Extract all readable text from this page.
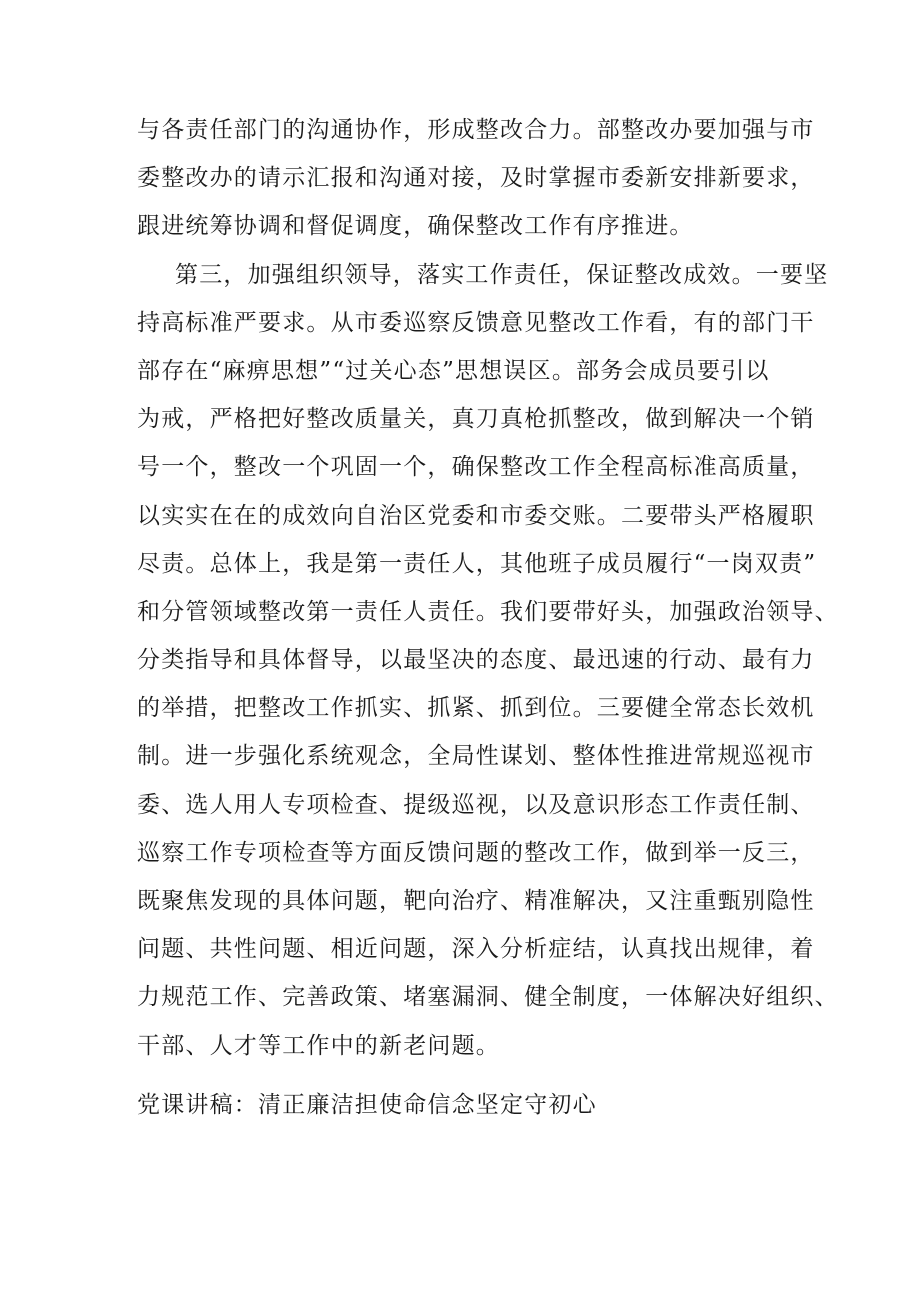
与各责任部门的沟通协作，形成整改合力。部整改办要加强与市
委整改办的请示汇报和沟通对接，及时掌握市委新安排新要求，
跟进统筹协调和督促调度，确保整改工作有序推进。
第三，加强组织领导，落实工作责任，保证整改成效。一要坚
持高标准严要求。从市委巡察反馈意见整改工作看，有的部门干
部存在“麻痹思想”“过关心态”思想误区。部务会成员要引以
为戒，严格把好整改质量关，真刀真枪抓整改，做到解决一个销
号一个，整改一个巩固一个，确保整改工作全程高标准高质量，
以实实在在的成效向自治区党委和市委交账。二要带头严格履职
尽责。总体上，我是第一责任人，其他班子成员履行“一岗双责”
和分管领域整改第一责任人责任。我们要带好头，加强政治领导、
分类指导和具体督导，以最坚决的态度、最迅速的行动、最有力
的举措，把整改工作抓实、抓紧、抓到位。三要健全常态长效机
制。进一步强化系统观念，全局性谋划、整体性推进常规巡视市
委、选人用人专项检查、提级巡视，以及意识形态工作责任制、
巡察工作专项检查等方面反馈问题的整改工作，做到举一反三，
既聚焦发现的具体问题，靶向治疗、精准解决，又注重甄别隐性
问题、共性问题、相近问题，深入分析症结，认真找出规律，着
力规范工作、完善政策、堵塞漏洞、健全制度，一体解决好组织、
干部、人才等工作中的新老问题。
党课讲稿：清正廉洁担使命信念坚定守初心
